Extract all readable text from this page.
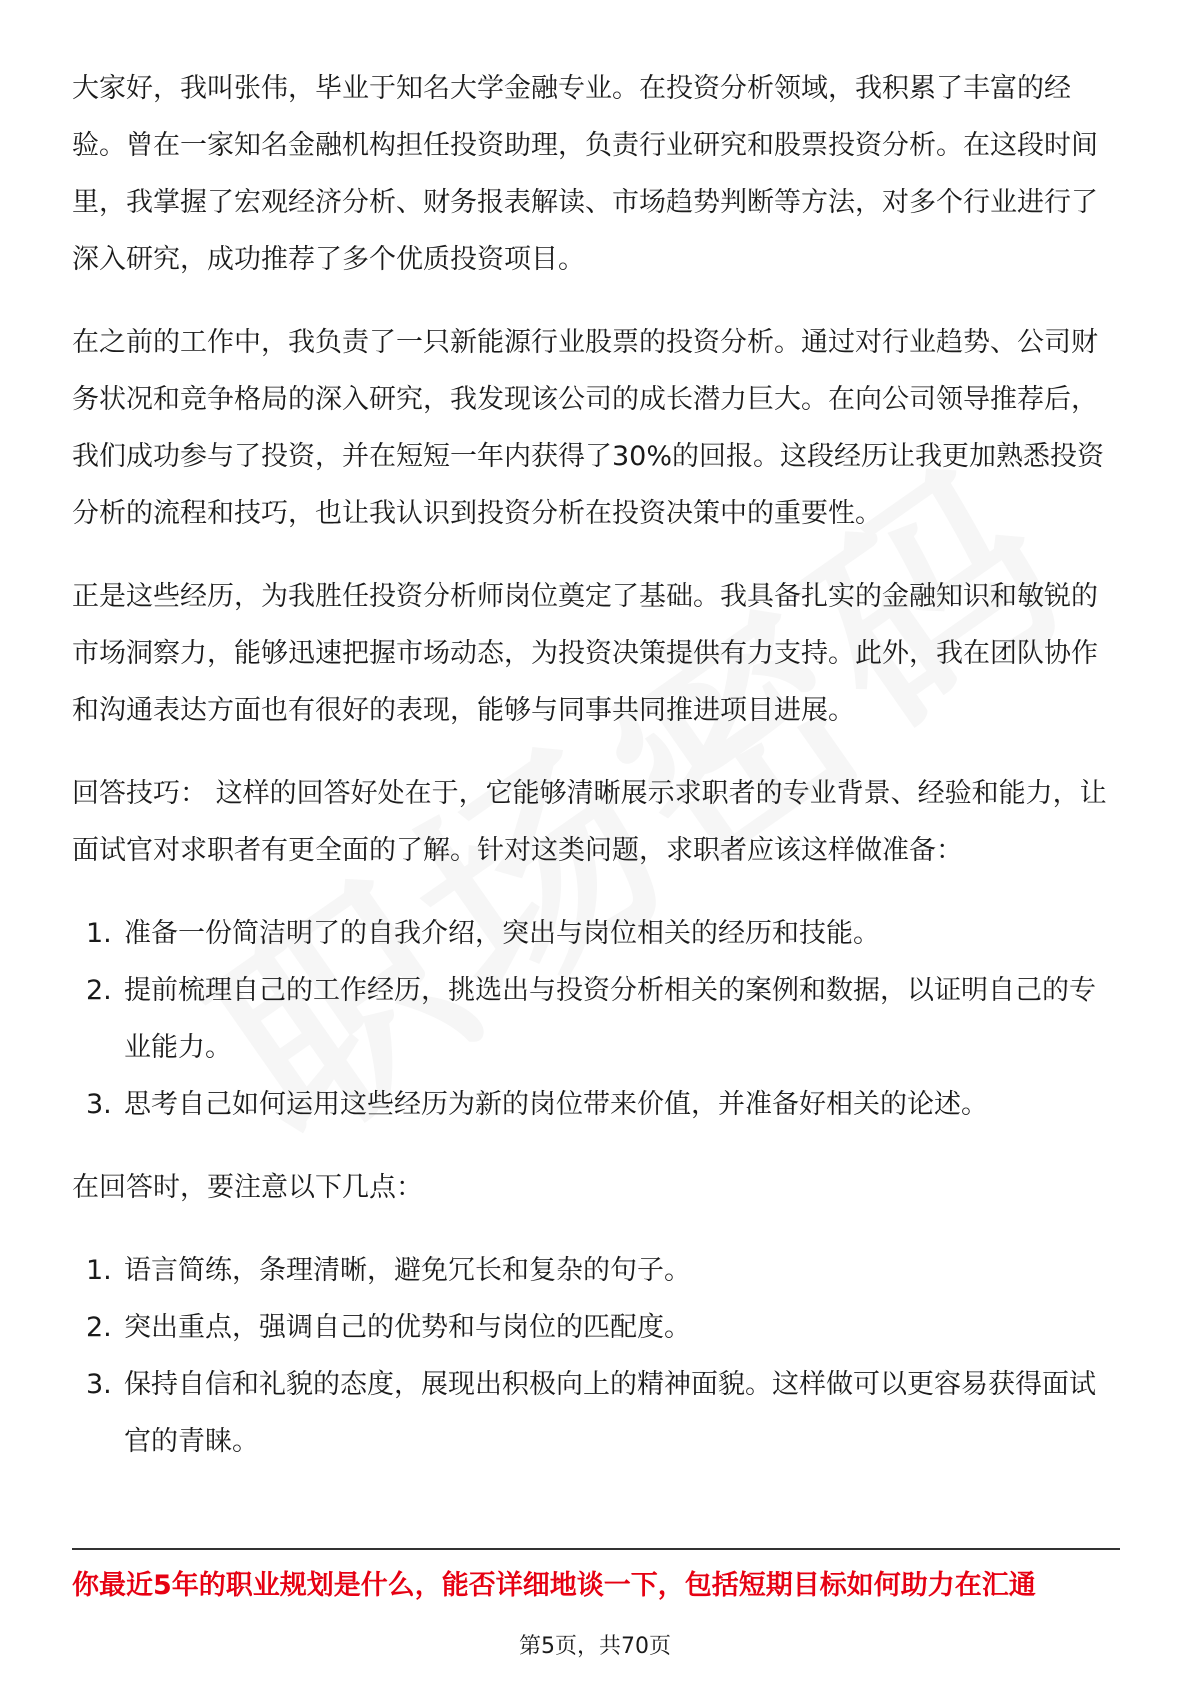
大家好，我叫张伟，毕业于知名大学金融专业。在投资分析领域，我积累了丰富的经验。曾在一家知名金融机构担任投资助理，负责行业研究和股票投资分析。在这段时间里，我掌握了宏观经济分析、财务报表解读、市场趋势判断等方法，对多个行业进行了深入研究，成功推荐了多个优质投资项目。

在之前的工作中，我负责了一只新能源行业股票的投资分析。通过对行业趋势、公司财务状况和竞争格局的深入研究，我发现该公司的成长潜力巨大。在向公司领导推荐后，我们成功参与了投资，并在短短一年内获得了30%的回报。这段经历让我更加熟悉投资分析的流程和技巧，也让我认识到投资分析在投资决策中的重要性。

正是这些经历，为我胜任投资分析师岗位奠定了基础。我具备扎实的金融知识和敏锐的市场洞察力，能够迅速把握市场动态，为投资决策提供有力支持。此外，我在团队协作和沟通表达方面也有很好的表现，能够与同事共同推进项目进展。

回答技巧： 这样的回答好处在于，它能够清晰展示求职者的专业背景、经验和能力，让面试官对求职者有更全面的了解。针对这类问题，求职者应该这样做准备：

1. 准备一份简洁明了的自我介绍，突出与岗位相关的经历和技能。
2. 提前梳理自己的工作经历，挑选出与投资分析相关的案例和数据，以证明自己的专业能力。
3. 思考自己如何运用这些经历为新的岗位带来价值，并准备好相关的论述。

在回答时，要注意以下几点：

1. 语言简练，条理清晰，避免冗长和复杂的句子。
2. 突出重点，强调自己的优势和与岗位的匹配度。
3. 保持自信和礼貌的态度，展现出积极向上的精神面貌。这样做可以更容易获得面试官的青睐。
你最近5年的职业规划是什么，能否详细地谈一下，包括短期目标如何助力在汇通
第5页，共70页
